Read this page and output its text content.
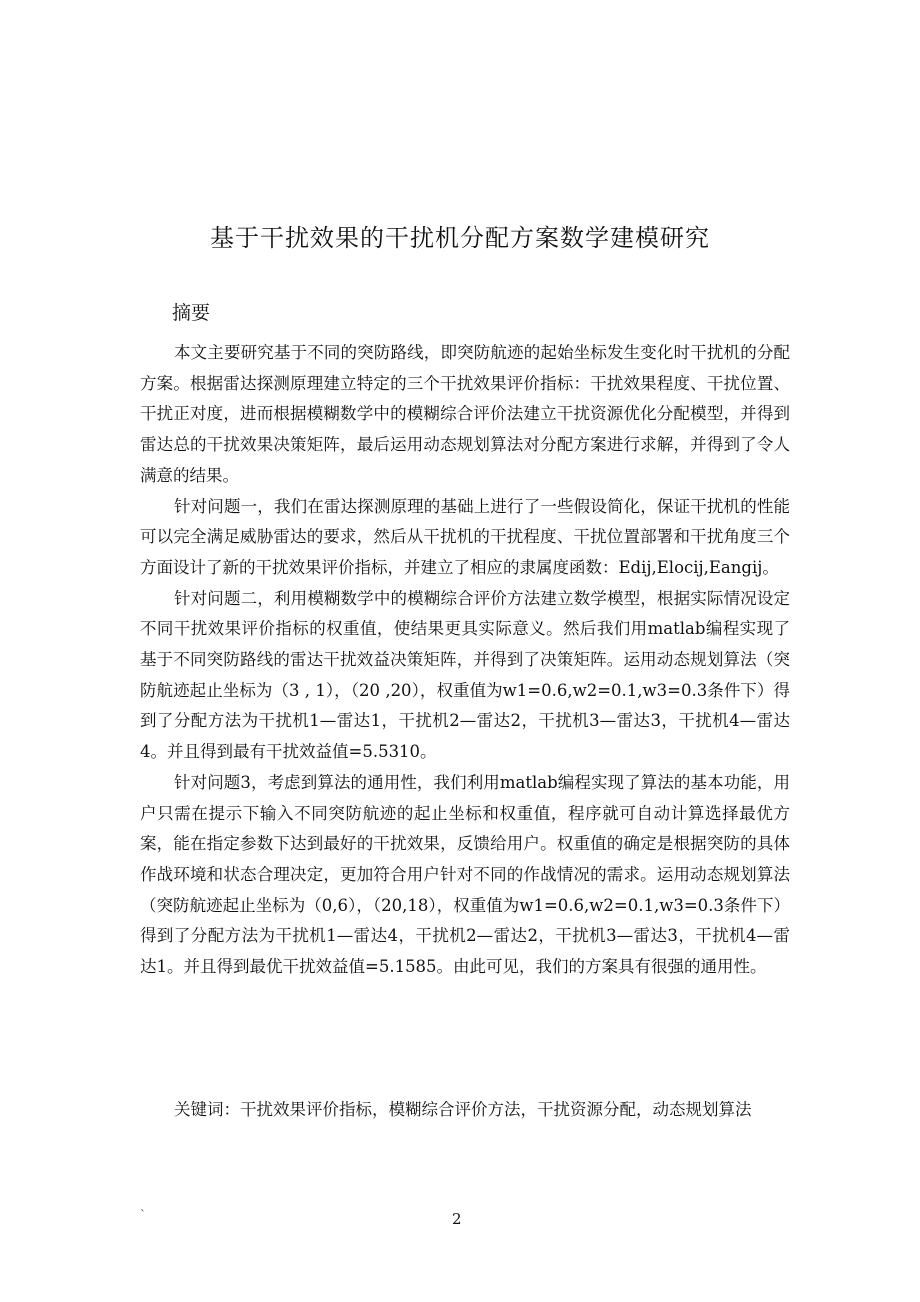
基于干扰效果的干扰机分配方案数学建模研究
摘要

本文主要研究基于不同的突防路线，即突防航迹的起始坐标发生变化时干扰机的分配方案。根据雷达探测原理建立特定的三个干扰效果评价指标：干扰效果程度、干扰位置、干扰正对度，进而根据模糊数学中的模糊综合评价法建立干扰资源优化分配模型，并得到雷达总的干扰效果决策矩阵，最后运用动态规划算法对分配方案进行求解，并得到了令人满意的结果。

针对问题一，我们在雷达探测原理的基础上进行了一些假设简化，保证干扰机的性能可以完全满足威胁雷达的要求，然后从干扰机的干扰程度、干扰位置部署和干扰角度三个方面设计了新的干扰效果评价指标，并建立了相应的隶属度函数：Edij,Elocij,Eangij。

针对问题二，利用模糊数学中的模糊综合评价方法建立数学模型，根据实际情况设定不同干扰效果评价指标的权重值，使结果更具实际意义。然后我们用matlab编程实现了基于不同突防路线的雷达干扰效益决策矩阵，并得到了决策矩阵。运用动态规划算法（突防航迹起止坐标为（3 , 1），（20 ,20），权重值为w1=0.6,w2=0.1,w3=0.3条件下）得到了分配方法为干扰机1—雷达1，干扰机2—雷达2，干扰机3—雷达3，干扰机4—雷达4。并且得到最有干扰效益值=5.5310。

针对问题3，考虑到算法的通用性，我们利用matlab编程实现了算法的基本功能，用户只需在提示下输入不同突防航迹的起止坐标和权重值，程序就可自动计算选择最优方案，能在指定参数下达到最好的干扰效果，反馈给用户。权重值的确定是根据突防的具体作战环境和状态合理决定，更加符合用户针对不同的作战情况的需求。运用动态规划算法（突防航迹起止坐标为（0,6），（20,18），权重值为w1=0.6,w2=0.1,w3=0.3条件下）得到了分配方法为干扰机1—雷达4，干扰机2—雷达2，干扰机3—雷达3，干扰机4—雷达1。并且得到最优干扰效益值=5.1585。由此可见，我们的方案具有很强的通用性。

关键词：干扰效果评价指标，模糊综合评价方法，干扰资源分配，动态规划算法

`	2
